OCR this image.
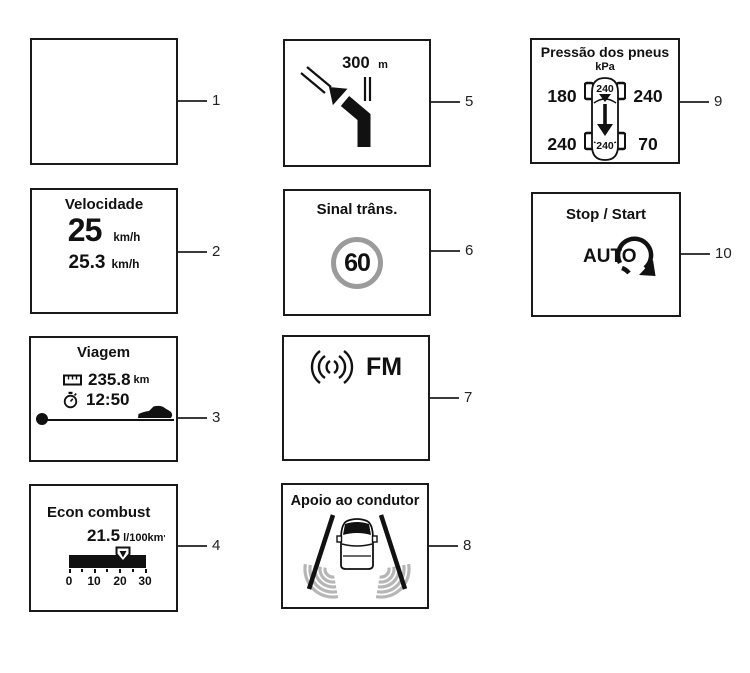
Velocidade
25 km/h
25.3 km/h
Viagem
235.8 km
12:50
Econ combust
21.5 l/100km '
0	10 20 30
300 m
Sinal trâns.
60
FM
Apoio ao condutor
Pressão dos pneus
kPa
180	240
240	70
240
240
Stop / Start
AUTO
1
2
3
4
5
6
7
8
9
10
